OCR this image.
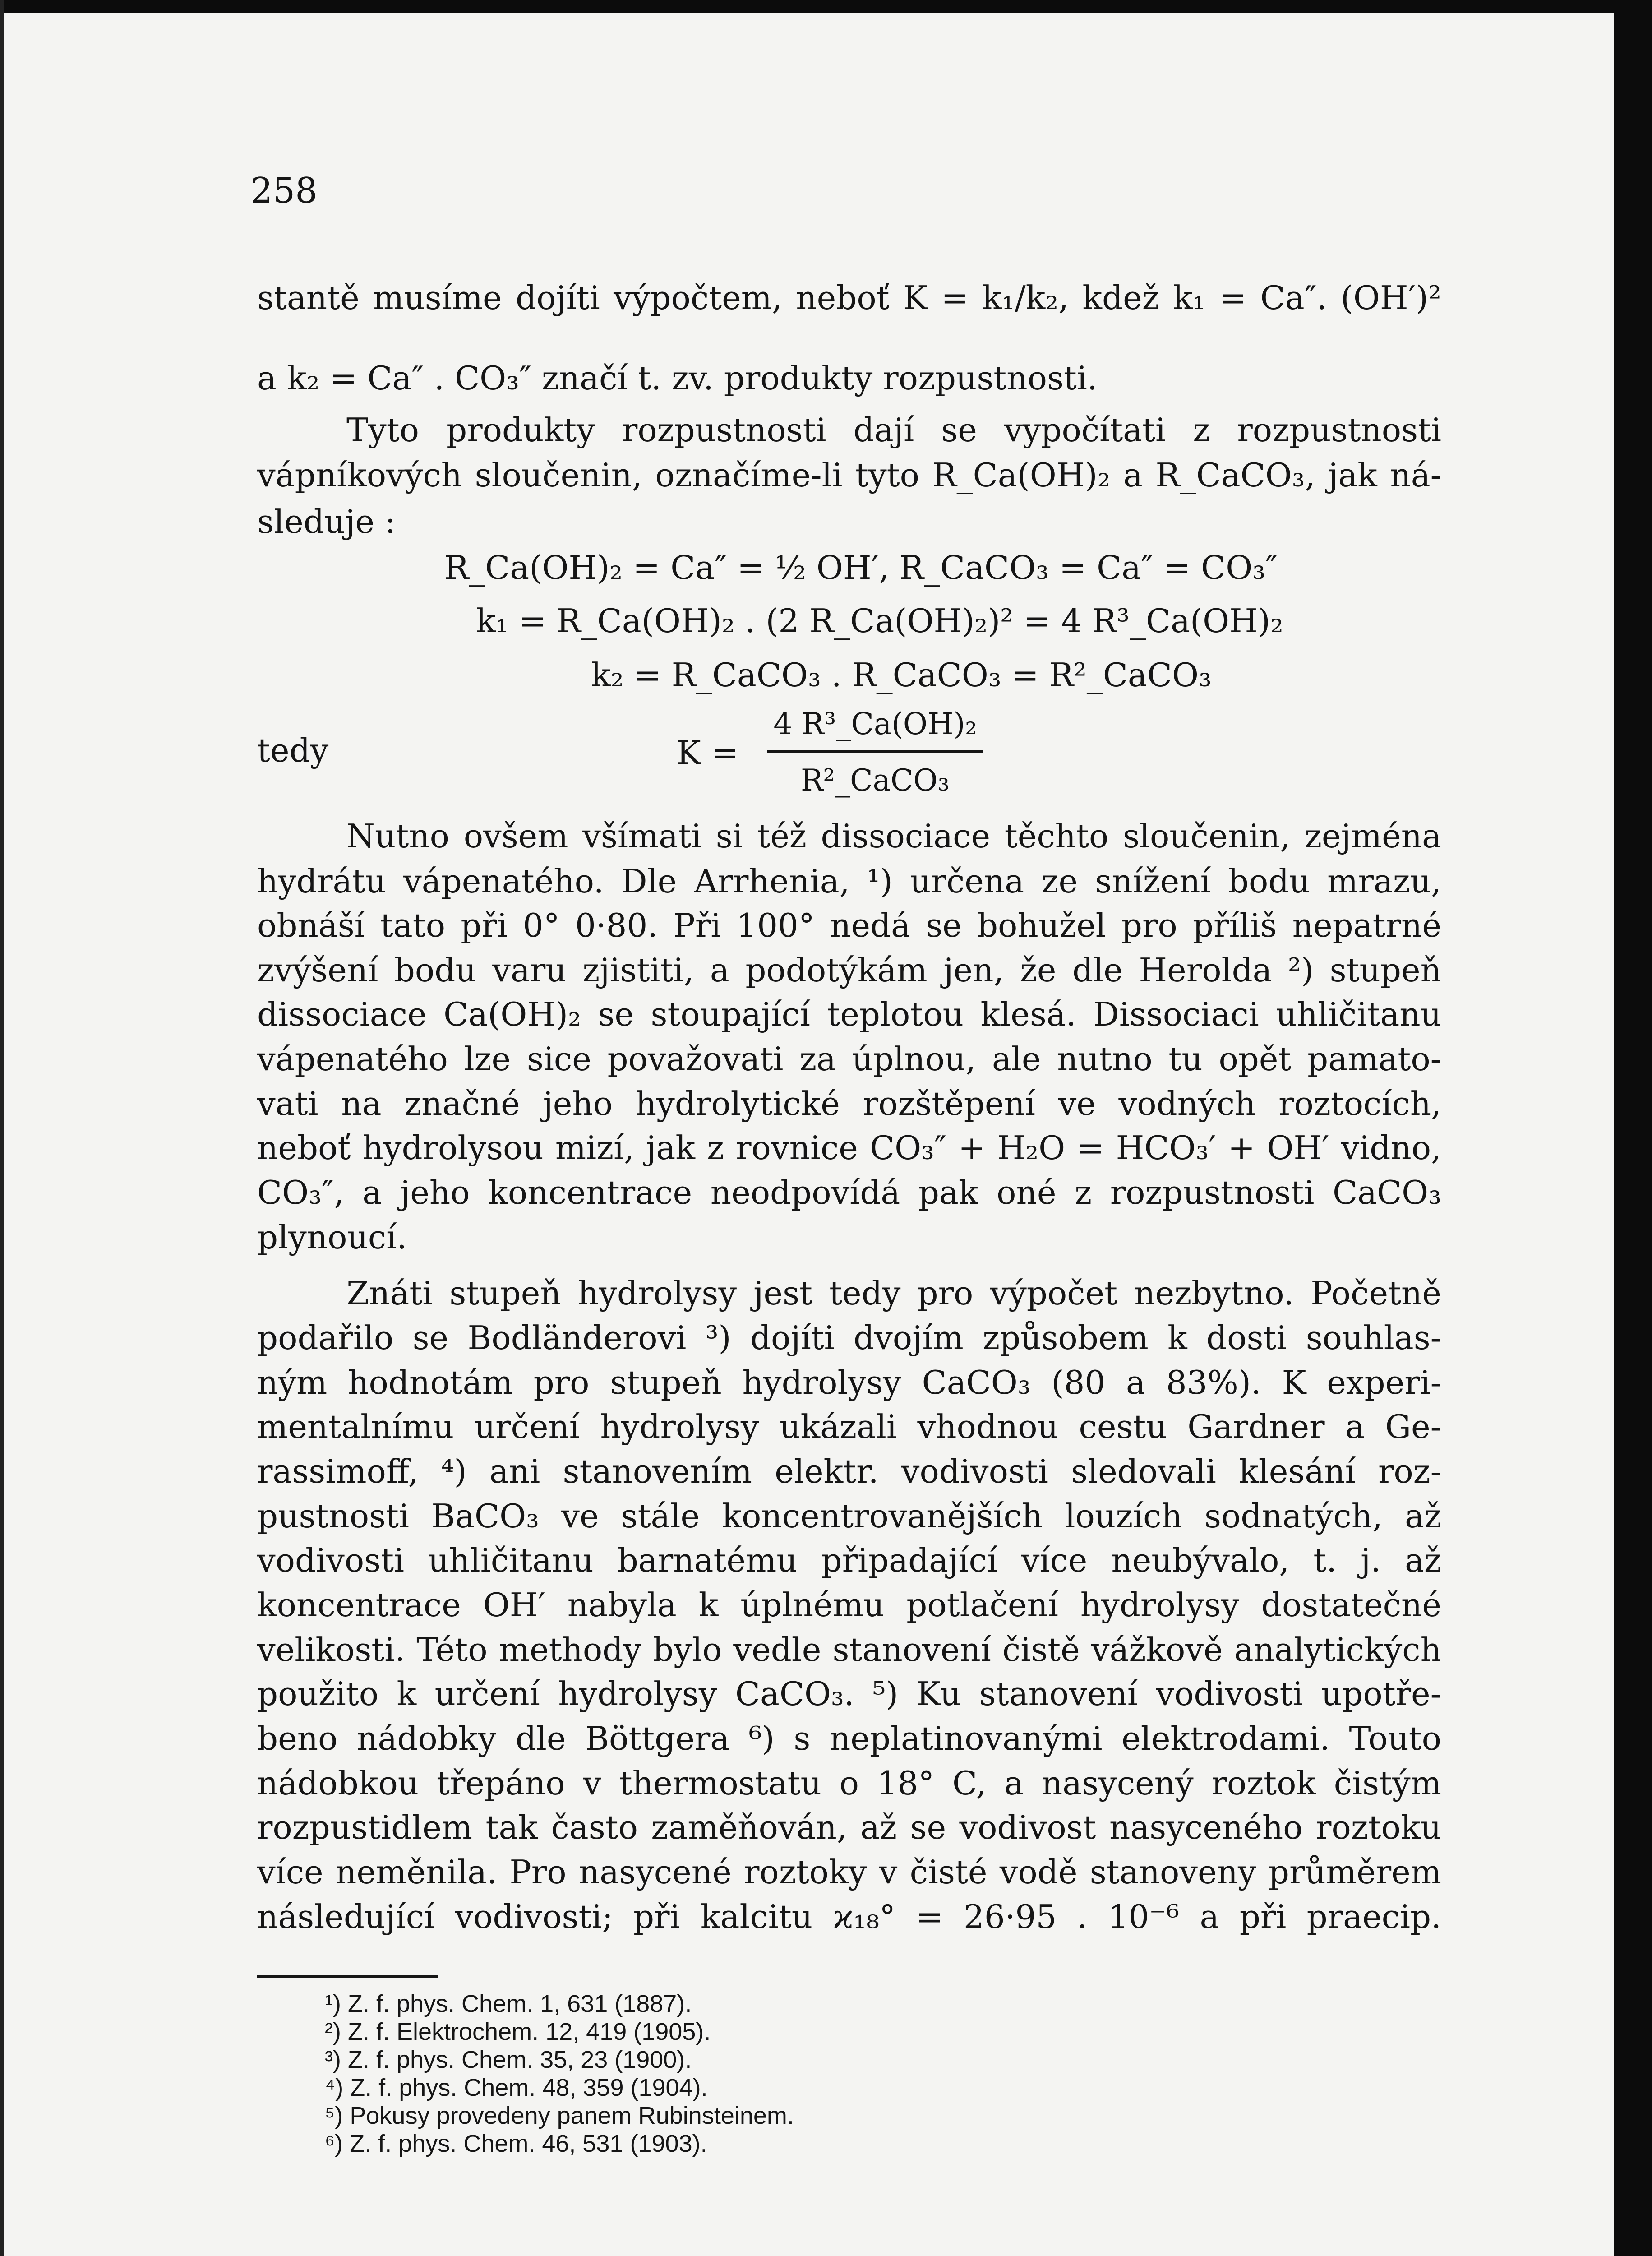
258
stantě musíme dojíti výpočtem, neboť K = k₁/k₂, kdež k₁ = Ca″. (OH′)²
a k₂ = Ca″ . CO₃″ značí t. zv. produkty rozpustnosti.
Tyto produkty rozpustnosti dají se vypočítati z rozpustnosti
vápníkových sloučenin, označíme-li tyto R_Ca(OH)₂ a R_CaCO₃, jak ná-
sleduje :
R_Ca(OH)₂ = Ca″ = ½ OH′, R_CaCO₃ = Ca″ = CO₃″
k₁ = R_Ca(OH)₂ . (2 R_Ca(OH)₂)² = 4 R³_Ca(OH)₂
k₂ = R_CaCO₃ . R_CaCO₃ = R²_CaCO₃
tedy	K =
4 R³_Ca(OH)₂
R²_CaCO₃
Nutno ovšem všímati si též dissociace těchto sloučenin, zejména
hydrátu vápenatého. Dle Arrhenia, ¹) určena ze snížení bodu mrazu,
obnáší tato při 0° 0·80. Při 100° nedá se bohužel pro příliš nepatrné
zvýšení bodu varu zjistiti, a podotýkám jen, že dle Herolda ²) stupeň
dissociace Ca(OH)₂ se stoupající teplotou klesá. Dissociaci uhličitanu
vápenatého lze sice považovati za úplnou, ale nutno tu opět pamato-
vati na značné jeho hydrolytické rozštěpení ve vodných roztocích,
neboť hydrolysou mizí, jak z rovnice CO₃″ + H₂O = HCO₃′ + OH′ vidno,
CO₃″, a jeho koncentrace neodpovídá pak oné z rozpustnosti CaCO₃
plynoucí.
Znáti stupeň hydrolysy jest tedy pro výpočet nezbytno. Početně
podařilo se Bodländerovi ³) dojíti dvojím způsobem k dosti souhlas-
ným hodnotám pro stupeň hydrolysy CaCO₃ (80 a 83%). K experi-
mentalnímu určení hydrolysy ukázali vhodnou cestu Gardner a Ge-
rassimoff, ⁴) ani stanovením elektr. vodivosti sledovali klesání roz-
pustnosti BaCO₃ ve stále koncentrovanějších louzích sodnatých, až
vodivosti uhličitanu barnatému připadající více neubývalo, t. j. až
koncentrace OH′ nabyla k úplnému potlačení hydrolysy dostatečné
velikosti. Této methody bylo vedle stanovení čistě vážkově analytických
použito k určení hydrolysy CaCO₃. ⁵) Ku stanovení vodivosti upotře-
beno nádobky dle Böttgera ⁶) s neplatinovanými elektrodami. Touto
nádobkou třepáno v thermostatu o 18° C, a nasycený roztok čistým
rozpustidlem tak často zaměňován, až se vodivost nasyceného roztoku
více neměnila. Pro nasycené roztoky v čisté vodě stanoveny průměrem
následující vodivosti; při kalcitu ϰ₁₈° = 26·95 . 10⁻⁶ a při praecip.
¹) Z. f. phys. Chem. 1, 631 (1887).
²) Z. f. Elektrochem. 12, 419 (1905).
³) Z. f. phys. Chem. 35, 23 (1900).
⁴) Z. f. phys. Chem. 48, 359 (1904).
⁵) Pokusy provedeny panem Rubinsteinem.
⁶) Z. f. phys. Chem. 46, 531 (1903).
